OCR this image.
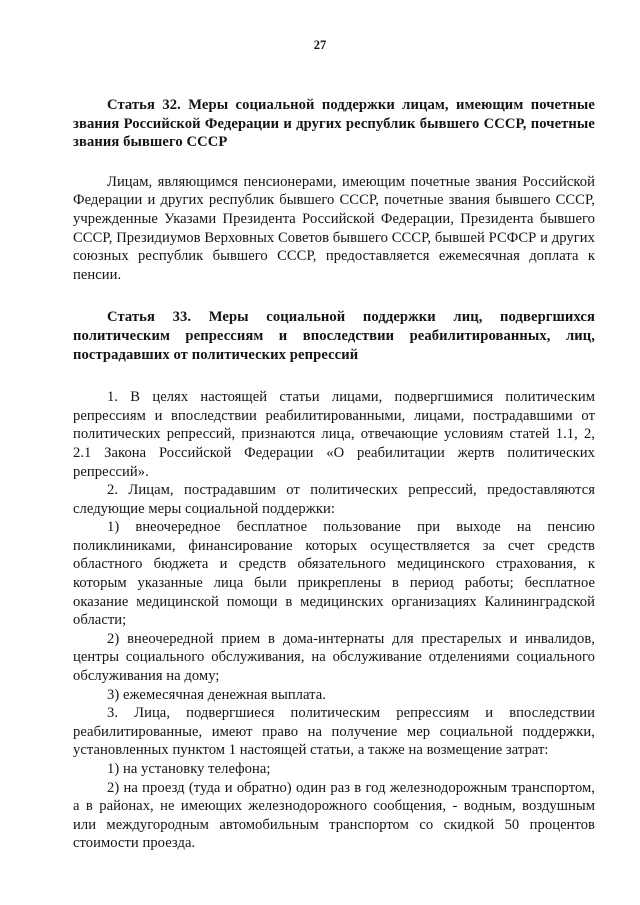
27
Статья 32. Меры социальной поддержки лицам, имеющим почетные звания Российской Федерации и других республик бывшего СССР, почетные звания бывшего СССР

Лицам, являющимся пенсионерами, имеющим почетные звания Российской Федерации и других республик бывшего СССР, почетные звания бывшего СССР, учрежденные Указами Президента Российской Федерации, Президента бывшего СССР, Президиумов Верховных Советов бывшего СССР, бывшей РСФСР и других союзных республик бывшего СССР, предоставляется ежемесячная доплата к пенсии.

Статья 33. Меры социальной поддержки лиц, подвергшихся политическим репрессиям и впоследствии реабилитированных, лиц, пострадавших от политических репрессий

1. В целях настоящей статьи лицами, подвергшимися политическим репрессиям и впоследствии реабилитированными, лицами, пострадавшими от политических репрессий, признаются лица, отвечающие условиям статей 1.1, 2, 2.1 Закона Российской Федерации «О реабилитации жертв политических репрессий».

2. Лицам, пострадавшим от политических репрессий, предоставляются следующие меры социальной поддержки:

1) внеочередное бесплатное пользование при выходе на пенсию поликлиниками, финансирование которых осуществляется за счет средств областного бюджета и средств обязательного медицинского страхования, к которым указанные лица были прикреплены в период работы; бесплатное оказание медицинской помощи в медицинских организациях Калининградской области;

2) внеочередной прием в дома-интернаты для престарелых и инвалидов, центры социального обслуживания, на обслуживание отделениями социального обслуживания на дому;

3) ежемесячная денежная выплата.

3. Лица, подвергшиеся политическим репрессиям и впоследствии реабилитированные, имеют право на получение мер социальной поддержки, установленных пунктом 1 настоящей статьи, а также на возмещение затрат:

1) на установку телефона;

2) на проезд (туда и обратно) один раз в год железнодорожным транспортом, а в районах, не имеющих железнодорожного сообщения, - водным, воздушным или междугородным автомобильным транспортом со скидкой 50 процентов стоимости проезда.
